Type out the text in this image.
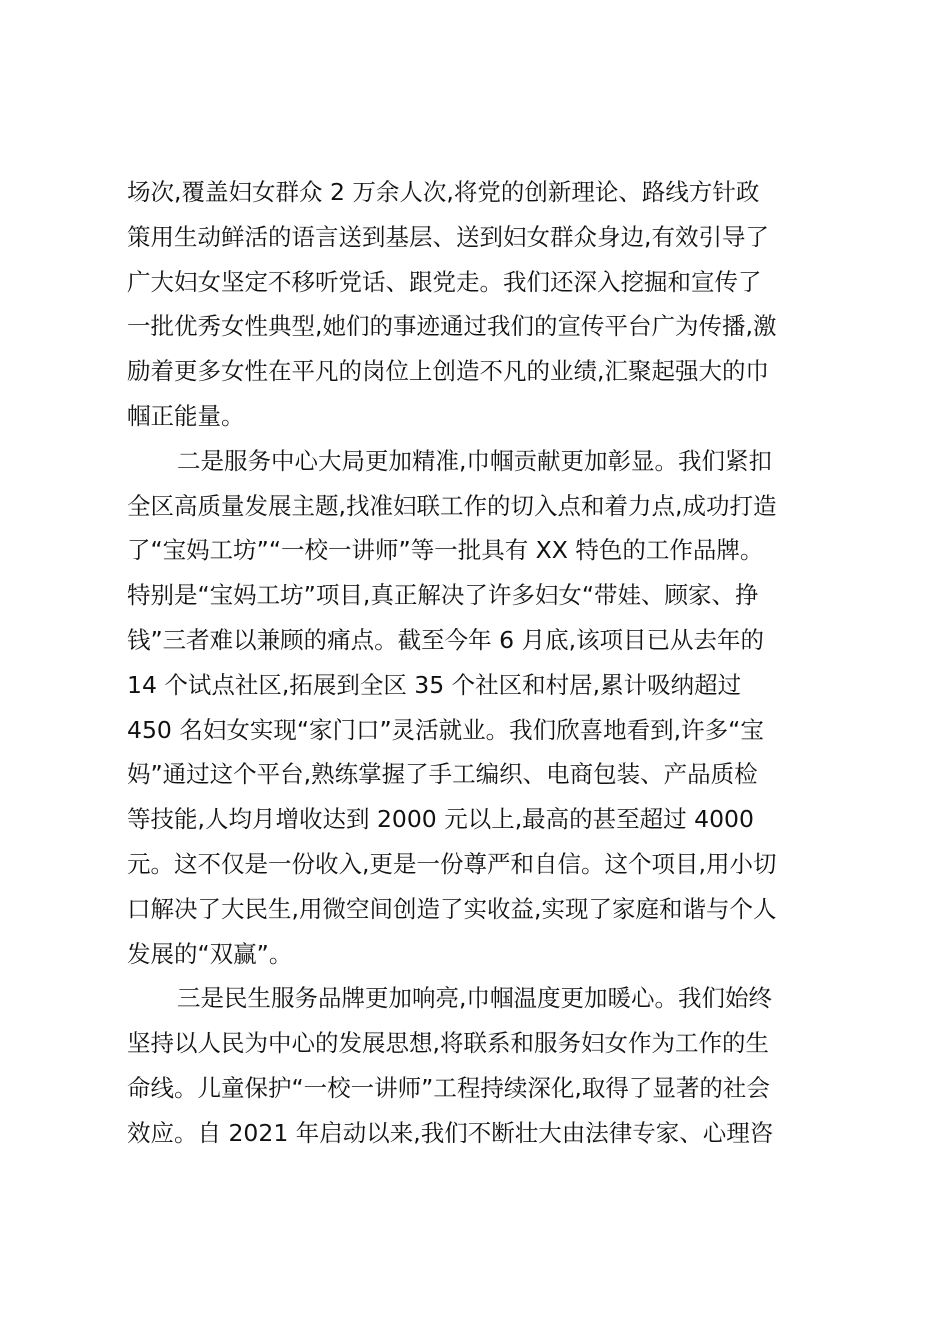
场次,覆盖妇女群众 2 万余人次,将党的创新理论、路线方针政
策用生动鲜活的语言送到基层、送到妇女群众身边,有效引导了
广大妇女坚定不移听党话、跟党走。我们还深入挖掘和宣传了
一批优秀女性典型,她们的事迹通过我们的宣传平台广为传播,激
励着更多女性在平凡的岗位上创造不凡的业绩,汇聚起强大的巾
帼正能量。
二是服务中心大局更加精准,巾帼贡献更加彰显。我们紧扣
全区高质量发展主题,找准妇联工作的切入点和着力点,成功打造
了“宝妈工坊”“一校一讲师”等一批具有 XX 特色的工作品牌。
特别是“宝妈工坊”项目,真正解决了许多妇女“带娃、顾家、挣
钱”三者难以兼顾的痛点。截至今年 6 月底,该项目已从去年的
14 个试点社区,拓展到全区 35 个社区和村居,累计吸纳超过
450 名妇女实现“家门口”灵活就业。我们欣喜地看到,许多“宝
妈”通过这个平台,熟练掌握了手工编织、电商包装、产品质检
等技能,人均月增收达到 2000 元以上,最高的甚至超过 4000
元。这不仅是一份收入,更是一份尊严和自信。这个项目,用小切
口解决了大民生,用微空间创造了实收益,实现了家庭和谐与个人
发展的“双赢”。
三是民生服务品牌更加响亮,巾帼温度更加暖心。我们始终
坚持以人民为中心的发展思想,将联系和服务妇女作为工作的生
命线。儿童保护“一校一讲师”工程持续深化,取得了显著的社会
效应。自 2021 年启动以来,我们不断壮大由法律专家、心理咨
